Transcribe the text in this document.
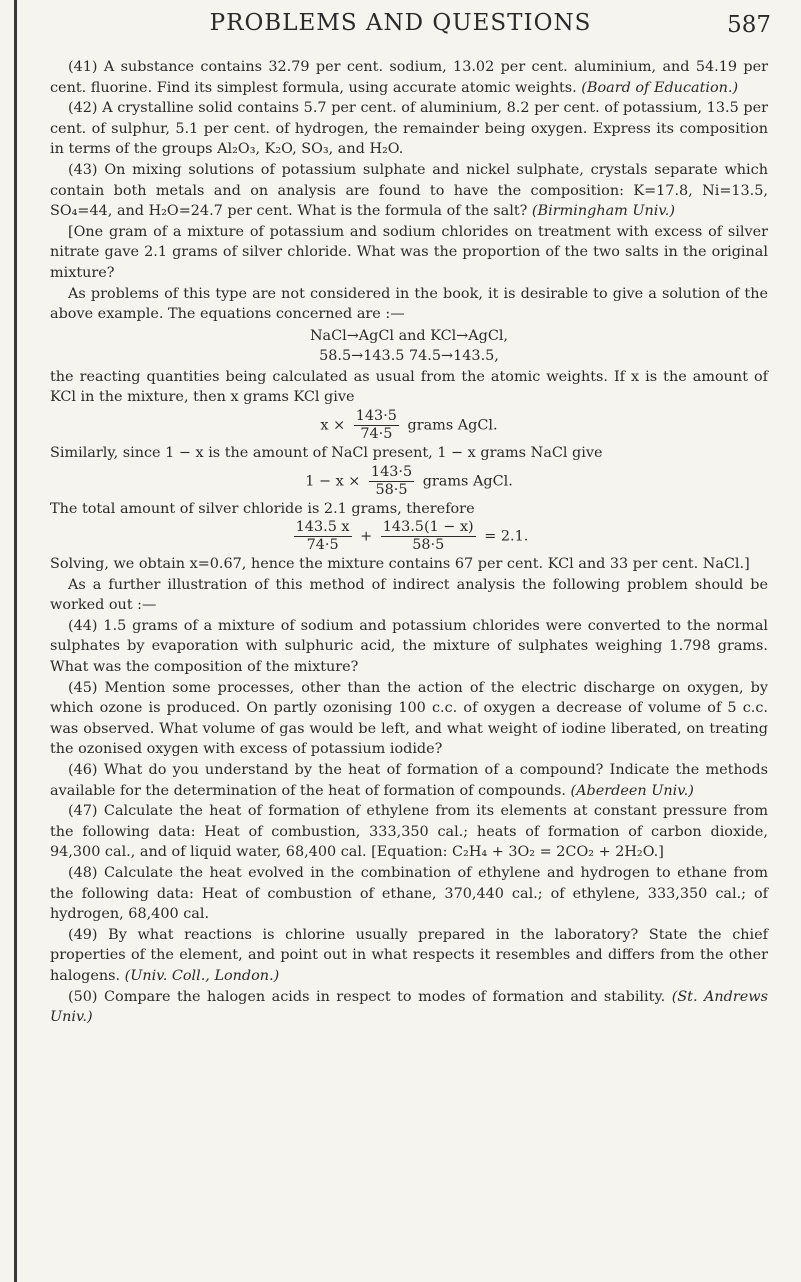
PROBLEMS AND QUESTIONS	587

(41) A substance contains 32.79 per cent. sodium, 13.02 per cent. aluminium, and 54.19 per cent. fluorine. Find its simplest formula, using accurate atomic weights. (Board of Education.)

(42) A crystalline solid contains 5.7 per cent. of aluminium, 8.2 per cent. of potassium, 13.5 per cent. of sulphur, 5.1 per cent. of hydrogen, the remainder being oxygen. Express its composition in terms of the groups Al₂O₃, K₂O, SO₃, and H₂O.

(43) On mixing solutions of potassium sulphate and nickel sulphate, crystals separate which contain both metals and on analysis are found to have the composition: K=17.8, Ni=13.5, SO₄=44, and H₂O=24.7 per cent. What is the formula of the salt? (Birmingham Univ.)

[One gram of a mixture of potassium and sodium chlorides on treatment with excess of silver nitrate gave 2.1 grams of silver chloride. What was the proportion of the two salts in the original mixture?

As problems of this type are not considered in the book, it is desirable to give a solution of the above example. The equations concerned are :—

NaCl→AgCl and KCl→AgCl,

58.5→143.5 74.5→143.5,

the reacting quantities being calculated as usual from the atomic weights. If x is the amount of KCl in the mixture, then x grams KCl give

$x \times \frac{143\cdot 5}{74\cdot 5}$ grams AgCl.

Similarly, since 1 − x is the amount of NaCl present, 1 − x grams NaCl give

$1 - x \times \frac{143\cdot 5}{58\cdot 5}$ grams AgCl.

The total amount of silver chloride is 2.1 grams, therefore

$\frac{143.5 x}{74\cdot 5} + \frac{143.5(1 - x)}{58\cdot 5} = 2.1$.

Solving, we obtain x=0.67, hence the mixture contains 67 per cent. KCl and 33 per cent. NaCl.]

As a further illustration of this method of indirect analysis the following problem should be worked out :—

(44) 1.5 grams of a mixture of sodium and potassium chlorides were converted to the normal sulphates by evaporation with sulphuric acid, the mixture of sulphates weighing 1.798 grams. What was the composition of the mixture?

(45) Mention some processes, other than the action of the electric discharge on oxygen, by which ozone is produced. On partly ozonising 100 c.c. of oxygen a decrease of volume of 5 c.c. was observed. What volume of gas would be left, and what weight of iodine liberated, on treating the ozonised oxygen with excess of potassium iodide?

(46) What do you understand by the heat of formation of a compound? Indicate the methods available for the determination of the heat of formation of compounds. (Aberdeen Univ.)

(47) Calculate the heat of formation of ethylene from its elements at constant pressure from the following data: Heat of combustion, 333,350 cal.; heats of formation of carbon dioxide, 94,300 cal., and of liquid water, 68,400 cal. [Equation: C₂H₄ + 3O₂ = 2CO₂ + 2H₂O.]

(48) Calculate the heat evolved in the combination of ethylene and hydrogen to ethane from the following data: Heat of combustion of ethane, 370,440 cal.; of ethylene, 333,350 cal.; of hydrogen, 68,400 cal.

(49) By what reactions is chlorine usually prepared in the laboratory? State the chief properties of the element, and point out in what respects it resembles and differs from the other halogens. (Univ. Coll., London.)

(50) Compare the halogen acids in respect to modes of formation and stability. (St. Andrews Univ.)
